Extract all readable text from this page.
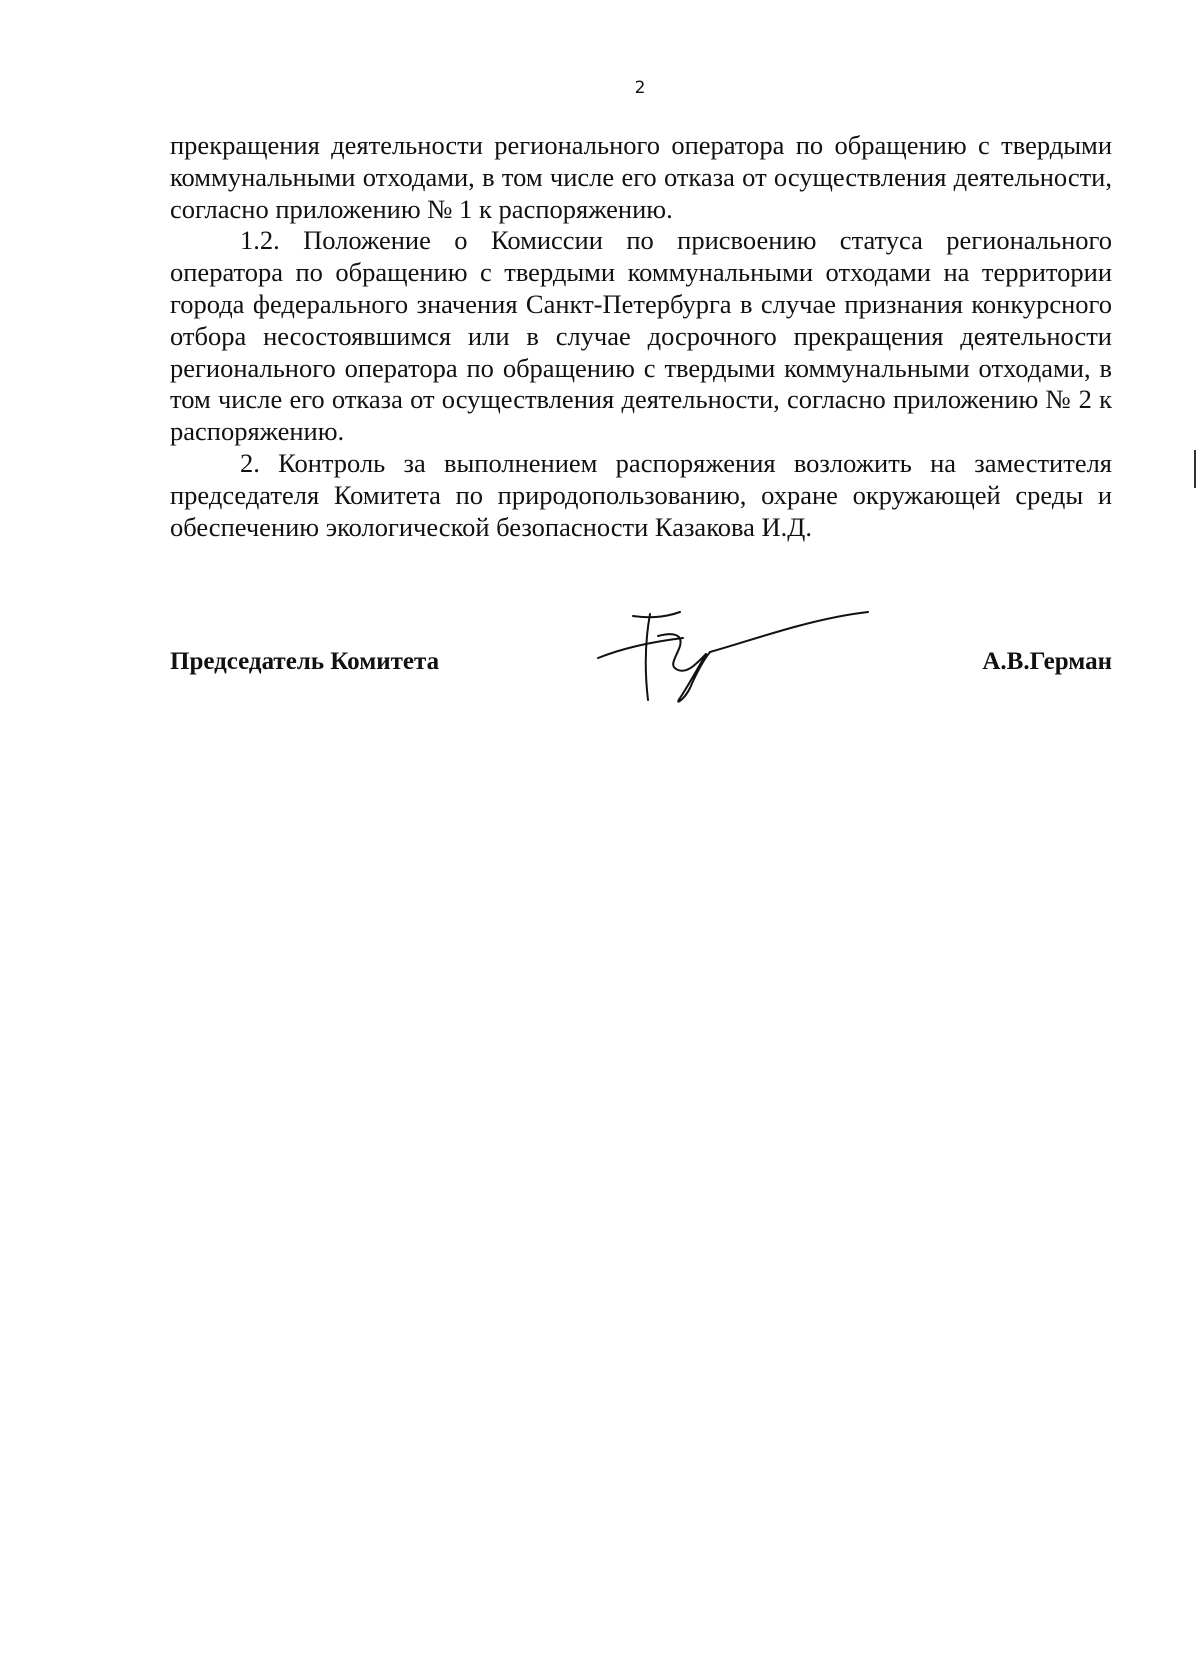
2

прекращения деятельности регионального оператора по обращению с твердыми коммунальными отходами, в том числе его отказа от осуществления деятельности, согласно приложению № 1 к распоряжению.

1.2. Положение о Комиссии по присвоению статуса регионального оператора по обращению с твердыми коммунальными отходами на территории города федерального значения Санкт-Петербурга в случае признания конкурсного отбора несостоявшимся или в случае досрочного прекращения деятельности регионального оператора по обращению с твердыми коммунальными отходами, в том числе его отказа от осуществления деятельности, согласно приложению № 2 к распоряжению.

2. Контроль за выполнением распоряжения возложить на заместителя председателя Комитета по природопользованию, охране окружающей среды и обеспечению экологической безопасности Казакова И.Д.

Председатель Комитета	А.В.Герман
